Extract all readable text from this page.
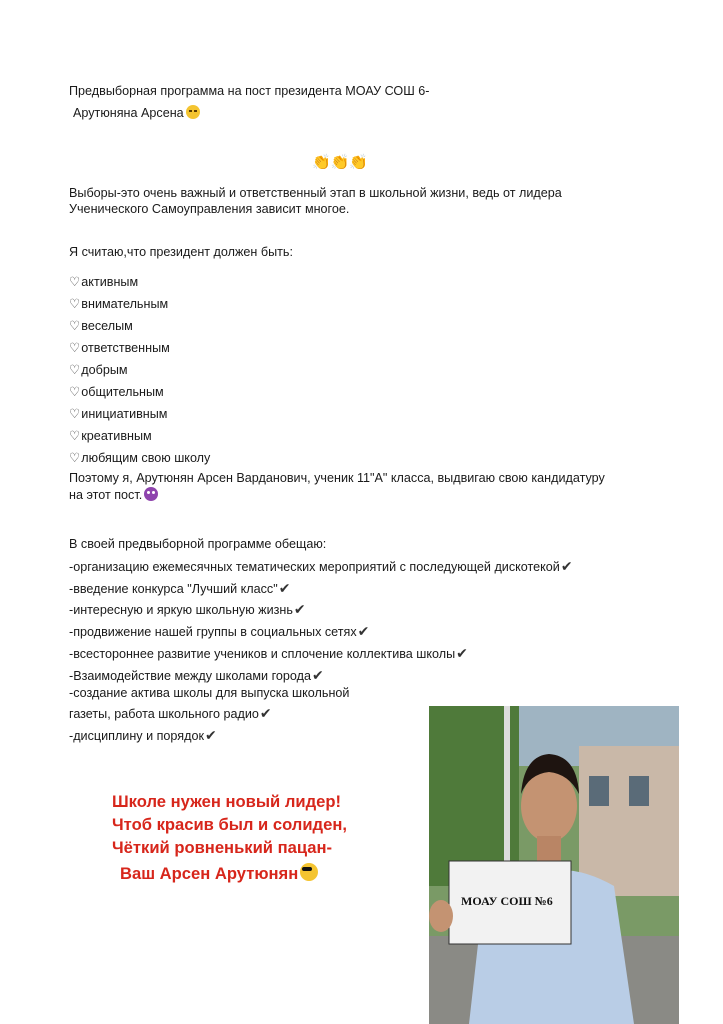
Предвыборная программа на пост президента МОАУ СОШ 6-
Арутюняна Арсена
👏👏👏
Выборы-это очень важный и ответственный этап в школьной жизни, ведь от лидера
Ученического Самоуправления зависит многое.
Я считаю,что президент должен быть:
♡активным
♡внимательным
♡веселым
♡ответственным
♡добрым
♡общительным
♡инициативным
♡креативным
♡любящим свою школу
Поэтому я, Арутюнян Арсен Варданович, ученик 11"А" класса, выдвигаю свою кандидатуру
на этот пост.
В своей предвыборной программе обещаю:
-организацию ежемесячных тематических мероприятий с последующей дискотекой✔
-введение конкурса "Лучший класс"✔
-интересную и яркую школьную жизнь✔
-продвижение нашей группы в социальных сетях✔
-всестороннее развитие учеников и сплочение коллектива школы✔
-Взаимодействие между школами города✔
-создание актива школы для выпуска школьной
газеты, работа школьного радио✔
-дисциплину и порядок✔
Школе нужен новый лидер!
Чтоб красив был и солиден,
Чёткий ровненький пацан-
Ваш Арсен Арутюнян
МОАУ СОШ №6
